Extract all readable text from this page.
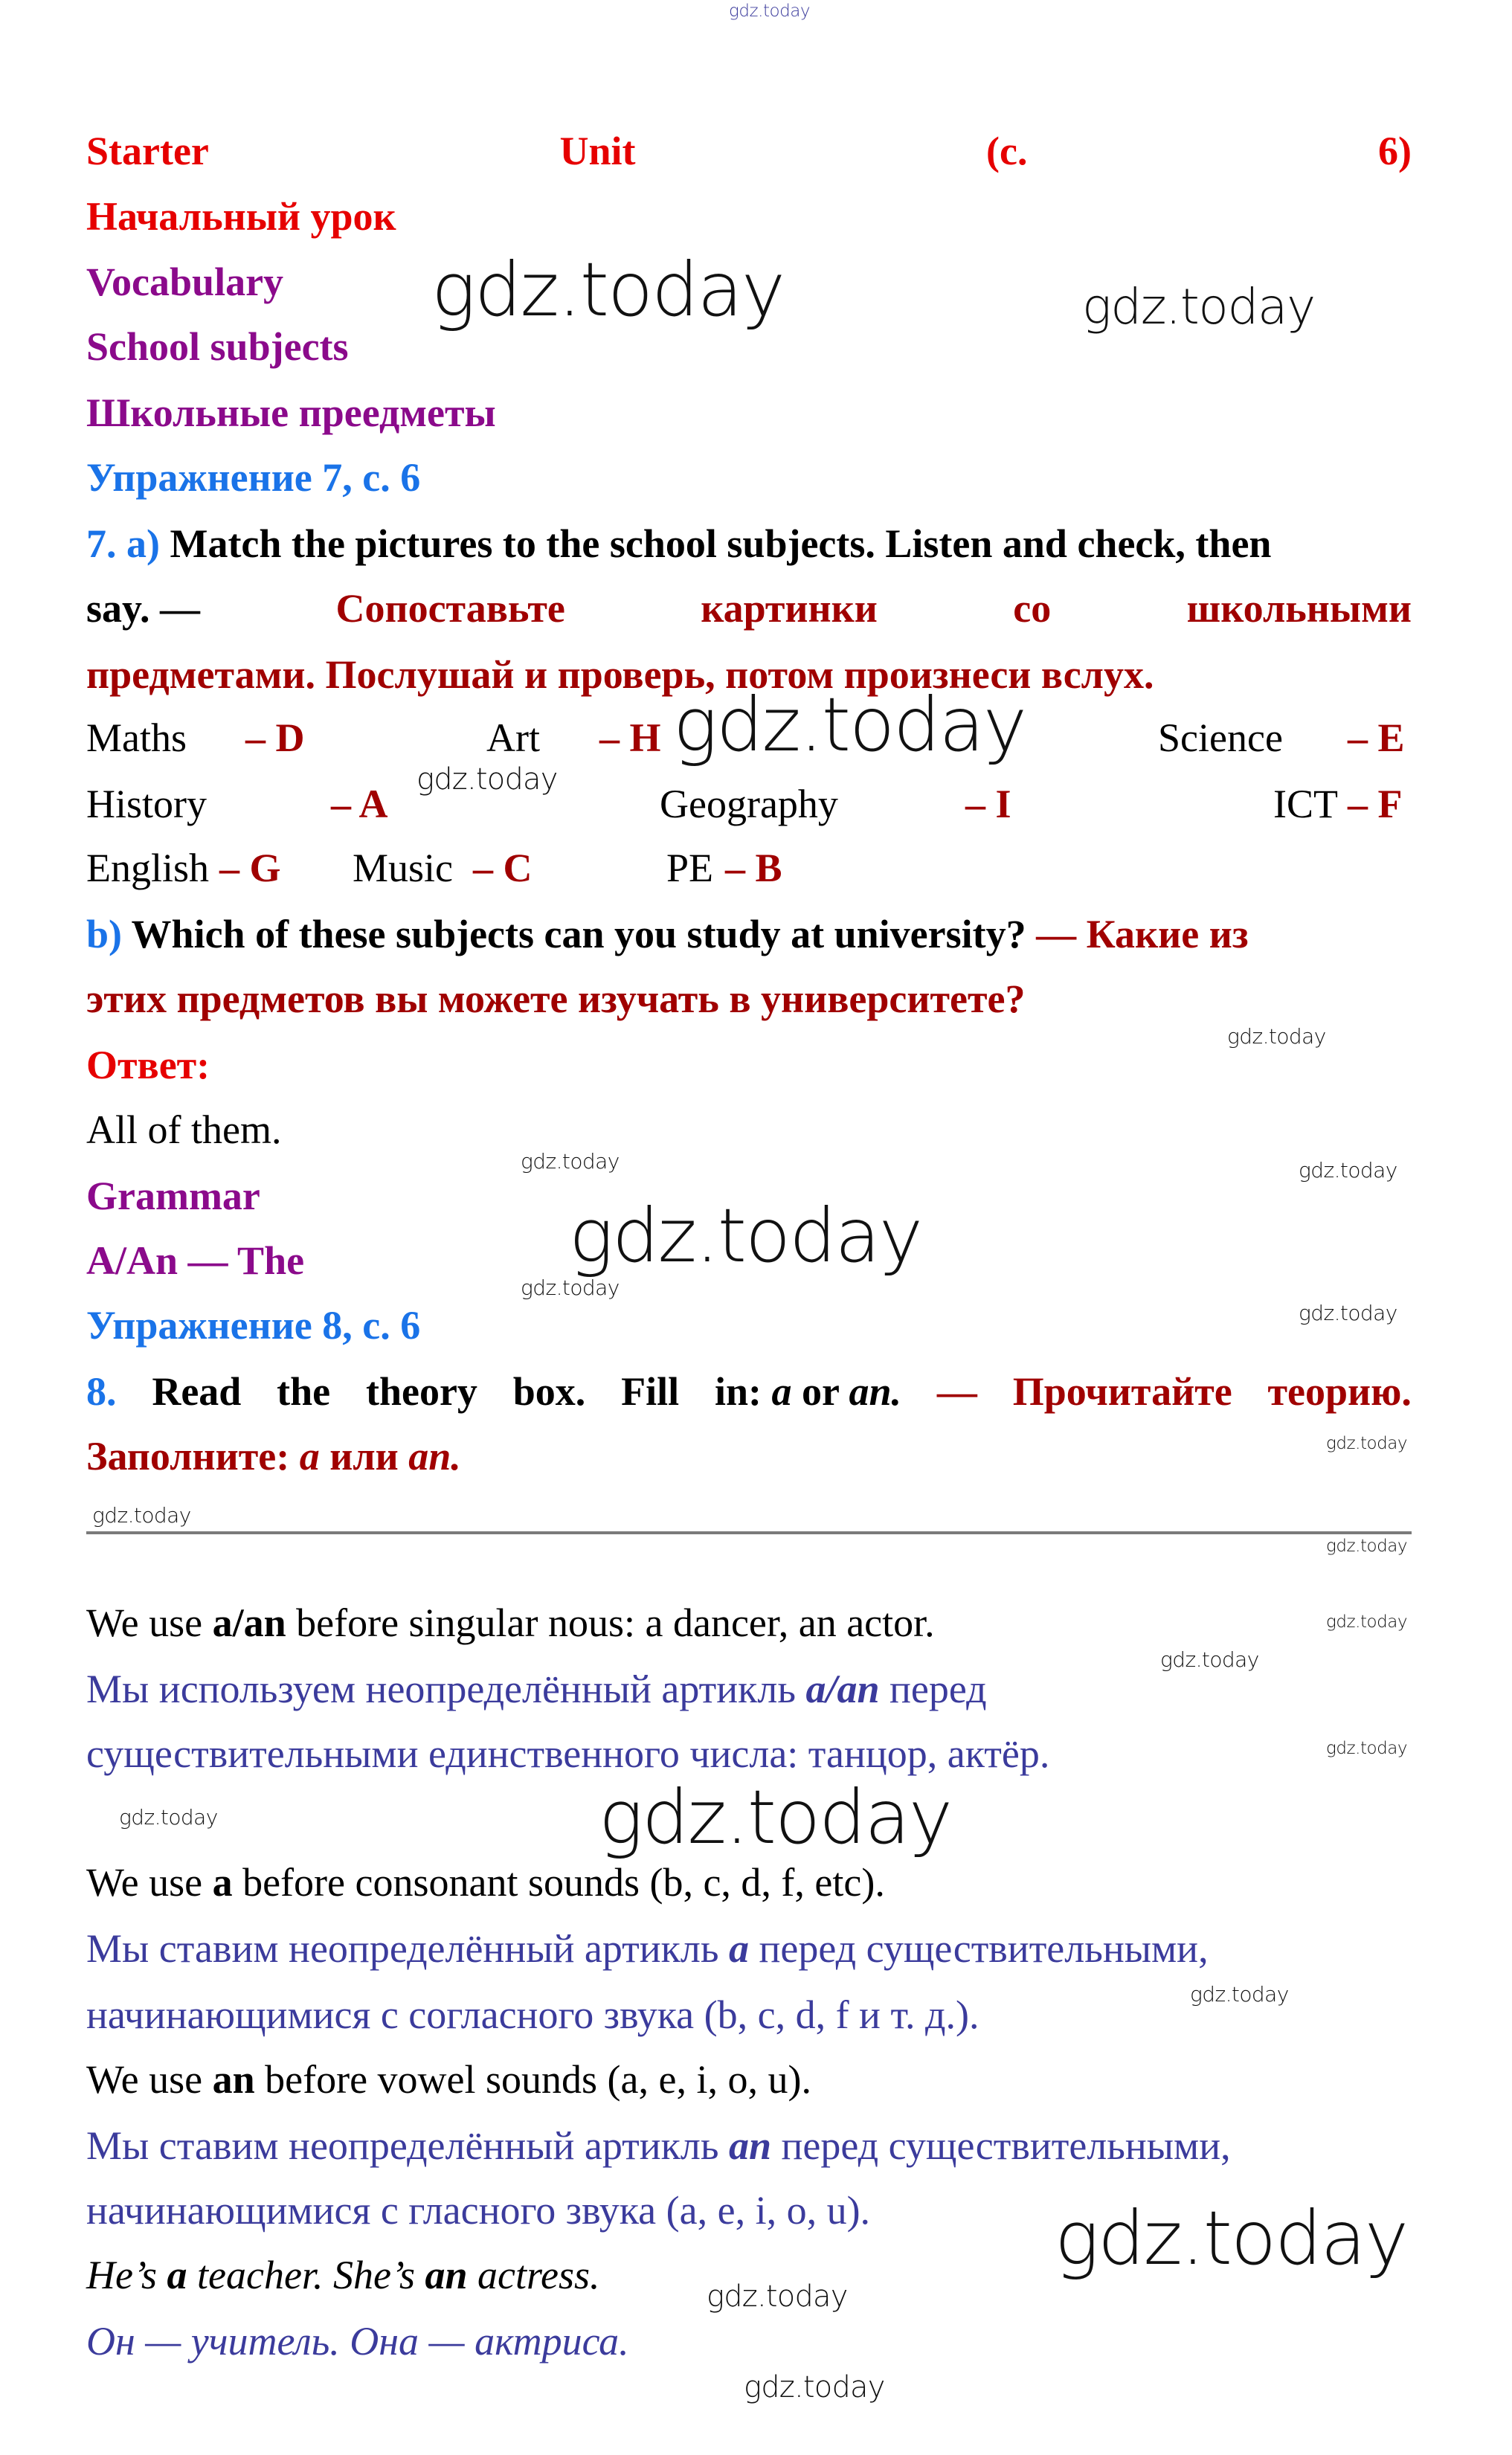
Starter	Unit	(c.	6)
Начальный урок
Vocabulary
School subjects
Школьные преедметы
Упражнение 7, с. 6
7. a) Match the pictures to the school subjects. Listen and check, then
say. —	Сопоставьте	картинки	со	школьными
предметами. Послушай и проверь, потом произнеси вслух.
Maths – D	Art – H	Science – E
History	– A	Geography	– I	ICT – F
English – G Music – C	PE – B
b) Which of these subjects can you study at university? — Какие из
этих предметов вы можете изучать в университете?
Ответ:
All of them.
Grammar
A/An — The
Упражнение 8, с. 6
8. Read the theory box. Fill in: a or an. — Прочитайте теорию.
Заполните: a или an.
We use a/an before singular nous: a dancer, an actor.
Мы используем неопределённый артикль a/an перед
существительными единственного числа: танцор, актёр.
We use a before consonant sounds (b, c, d, f, etc).
Мы ставим неопределённый артикль a перед существительными,
начинающимися с согласного звука (b, c, d, f и т. д.).
We use an before vowel sounds (a, e, i, o, u).
Мы ставим неопределённый артикль an перед существительными,
начинающимися с гласного звука (a, e, i, o, u).
He’s a teacher. She’s an actress.
Он — учитель. Она — актриса.
gdz.today
gdz.today	gdz.today
gdz.today
gdz.today
gdz.today
gdz.today	gdz.today
gdz.today
gdz.today
gdz.today
gdz.today
gdz.today
gdz.today
gdz.today
gdz.today
gdz.today
gdz.today
gdz.today
gdz.today
gdz.today
gdz.today
gdz.today
